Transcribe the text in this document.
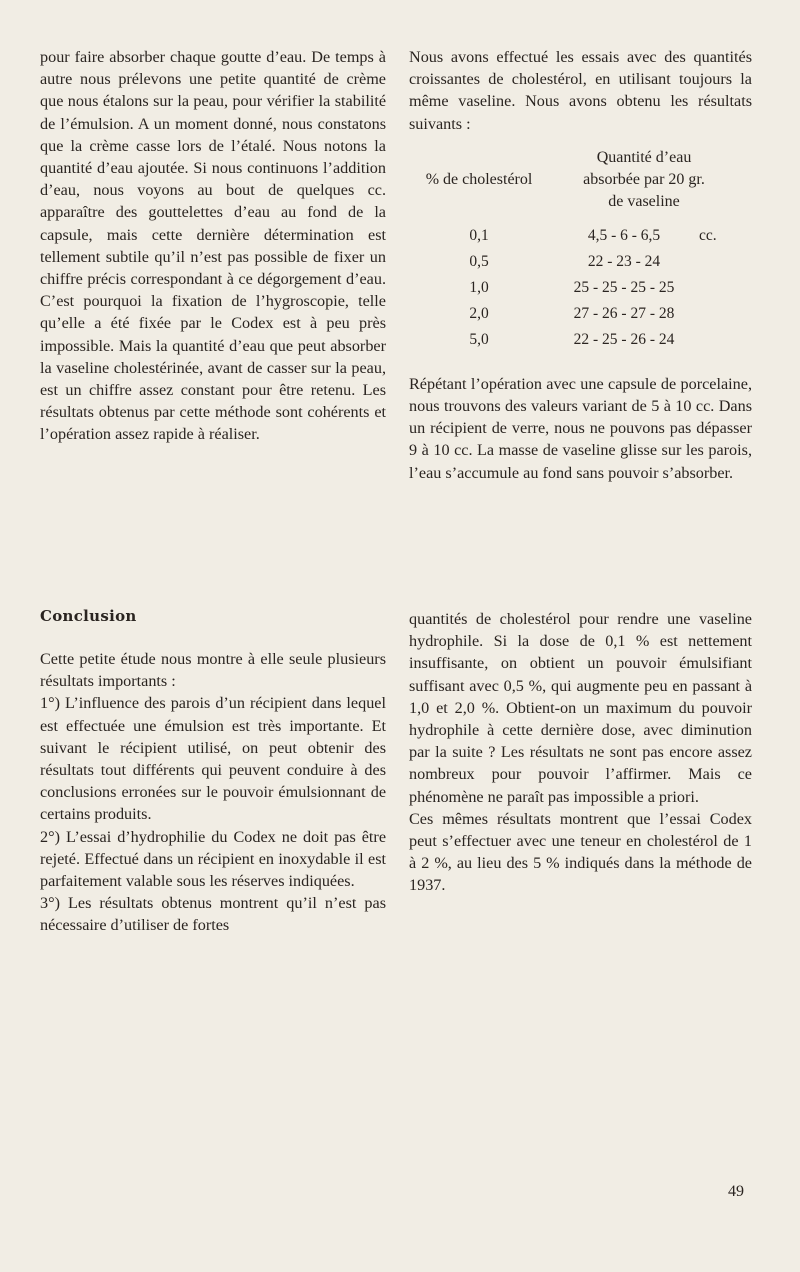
pour faire absorber chaque goutte d’eau. De temps à autre nous prélevons une petite quantité de crème que nous étalons sur la peau, pour vérifier la stabilité de l’émulsion. A un moment donné, nous constatons que la crème casse lors de l’étalé. Nous notons la quantité d’eau ajoutée. Si nous continuons l’addition d’eau, nous voyons au bout de quelques cc. apparaître des gouttelettes d’eau au fond de la capsule, mais cette dernière détermination est tellement subtile qu’il n’est pas possible de fixer un chiffre précis correspondant à ce dégorgement d’eau. C’est pourquoi la fixation de l’hygroscopie, telle qu’elle a été fixée par le Codex est à peu près impossible. Mais la quantité d’eau que peut absorber la vaseline cholestérinée, avant de casser sur la peau, est un chiffre assez constant pour être retenu. Les résultats obtenus par cette méthode sont cohérents et l’opération assez rapide à réaliser.

Nous avons effectué les essais avec des quantités croissantes de cholestérol, en utilisant toujours la même vaseline. Nous avons obtenu les résultats suivants :

% de cholestérol
Quantité d’eau
absorbée par 20 gr.
de vaseline
0,1	4,5 - 6 - 6,5	cc.
0,5	22 - 23 - 24
1,0	25 - 25 - 25 - 25
2,0	27 - 26 - 27 - 28
5,0	22 - 25 - 26 - 24

Répétant l’opération avec une capsule de porcelaine, nous trouvons des valeurs variant de 5 à 10 cc. Dans un récipient de verre, nous ne pouvons pas dépasser 9 à 10 cc. La masse de vaseline glisse sur les parois, l’eau s’accumule au fond sans pouvoir s’absorber.

Conclusion

Cette petite étude nous montre à elle seule plusieurs résultats importants :

1°) L’influence des parois d’un récipient dans lequel est effectuée une émulsion est très importante. Et suivant le récipient utilisé, on peut obtenir des résultats tout différents qui peuvent conduire à des conclusions erronées sur le pouvoir émulsionnant de certains produits.

2°) L’essai d’hydrophilie du Codex ne doit pas être rejeté. Effectué dans un récipient en inoxydable il est parfaitement valable sous les réserves indiquées.

3°) Les résultats obtenus montrent qu’il n’est pas nécessaire d’utiliser de fortes

quantités de cholestérol pour rendre une vaseline hydrophile. Si la dose de 0,1 % est nettement insuffisante, on obtient un pouvoir émulsifiant suffisant avec 0,5 %, qui augmente peu en passant à 1,0 et 2,0 %. Obtient-on un maximum du pouvoir hydrophile à cette dernière dose, avec diminution par la suite ? Les résultats ne sont pas encore assez nombreux pour pouvoir l’affirmer. Mais ce phénomène ne paraît pas impossible a priori.

Ces mêmes résultats montrent que l’essai Codex peut s’effectuer avec une teneur en cholestérol de 1 à 2 %, au lieu des 5 % indiqués dans la méthode de 1937.

49
